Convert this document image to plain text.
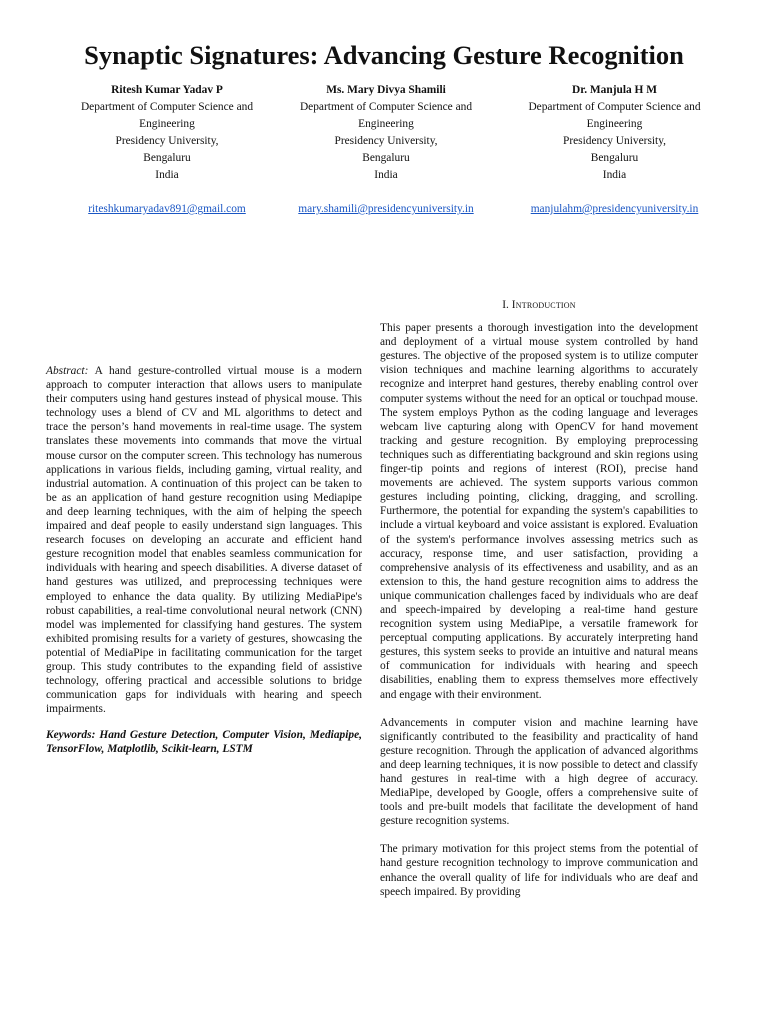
Synaptic Signatures: Advancing Gesture Recognition
Ritesh Kumar Yadav P
Department of Computer Science and Engineering
Presidency University,
Bengaluru
India
riteshkumaryadav891@gmail.com
Ms. Mary Divya Shamili
Department of Computer Science and Engineering
Presidency University,
Bengaluru
India
mary.shamili@presidencyuniversity.in
Dr. Manjula H M
Department of Computer Science and Engineering
Presidency University,
Bengaluru
India
manjulahm@presidencyuniversity.in

Abstract: A hand gesture-controlled virtual mouse is a modern approach to computer interaction that allows users to manipulate their computers using hand gestures instead of physical mouse. This technology uses a blend of CV and ML algorithms to detect and trace the person’s hand movements in real-time usage. The system translates these movements into commands that move the virtual mouse cursor on the computer screen. This technology has numerous applications in various fields, including gaming, virtual reality, and industrial automation. A continuation of this project can be taken to be as an application of hand gesture recognition using Mediapipe and deep learning techniques, with the aim of helping the speech impaired and deaf people to easily understand sign languages. This research focuses on developing an accurate and efficient hand gesture recognition model that enables seamless communication for individuals with hearing and speech disabilities. A diverse dataset of hand gestures was utilized, and preprocessing techniques were employed to enhance the data quality. By utilizing MediaPipe's robust capabilities, a real-time convolutional neural network (CNN) model was implemented for classifying hand gestures. The system exhibited promising results for a variety of gestures, showcasing the potential of MediaPipe in facilitating communication for the target group. This study contributes to the expanding field of assistive technology, offering practical and accessible solutions to bridge communication gaps for individuals with hearing and speech impairments.

Keywords: Hand Gesture Detection, Computer Vision, Mediapipe, TensorFlow, Matplotlib, Scikit-learn, LSTM

I. Introduction

This paper presents a thorough investigation into the development and deployment of a virtual mouse system controlled by hand gestures. The objective of the proposed system is to utilize computer vision techniques and machine learning algorithms to accurately recognize and interpret hand gestures, thereby enabling control over computer systems without the need for an optical or touchpad mouse. The system employs Python as the coding language and leverages webcam live capturing along with OpenCV for hand movement tracking and gesture recognition. By employing preprocessing techniques such as differentiating background and skin regions using finger-tip points and regions of interest (ROI), precise hand movements are achieved. The system supports various common gestures including pointing, clicking, dragging, and scrolling. Furthermore, the potential for expanding the system's capabilities to include a virtual keyboard and voice assistant is explored. Evaluation of the system's performance involves assessing metrics such as accuracy, response time, and user satisfaction, providing a comprehensive analysis of its effectiveness and usability, and as an extension to this, the hand gesture recognition aims to address the unique communication challenges faced by individuals who are deaf and speech-impaired by developing a real-time hand gesture recognition system using MediaPipe, a versatile framework for perceptual computing applications. By accurately interpreting hand gestures, this system seeks to provide an intuitive and natural means of communication for individuals with hearing and speech disabilities, enabling them to express themselves more effectively and engage with their environment.

Advancements in computer vision and machine learning have significantly contributed to the feasibility and practicality of hand gesture recognition. Through the application of advanced algorithms and deep learning techniques, it is now possible to detect and classify hand gestures in real-time with a high degree of accuracy. MediaPipe, developed by Google, offers a comprehensive suite of tools and pre-built models that facilitate the development of hand gesture recognition systems.

The primary motivation for this project stems from the potential of hand gesture recognition technology to improve communication and enhance the overall quality of life for individuals who are deaf and speech impaired. By providing
